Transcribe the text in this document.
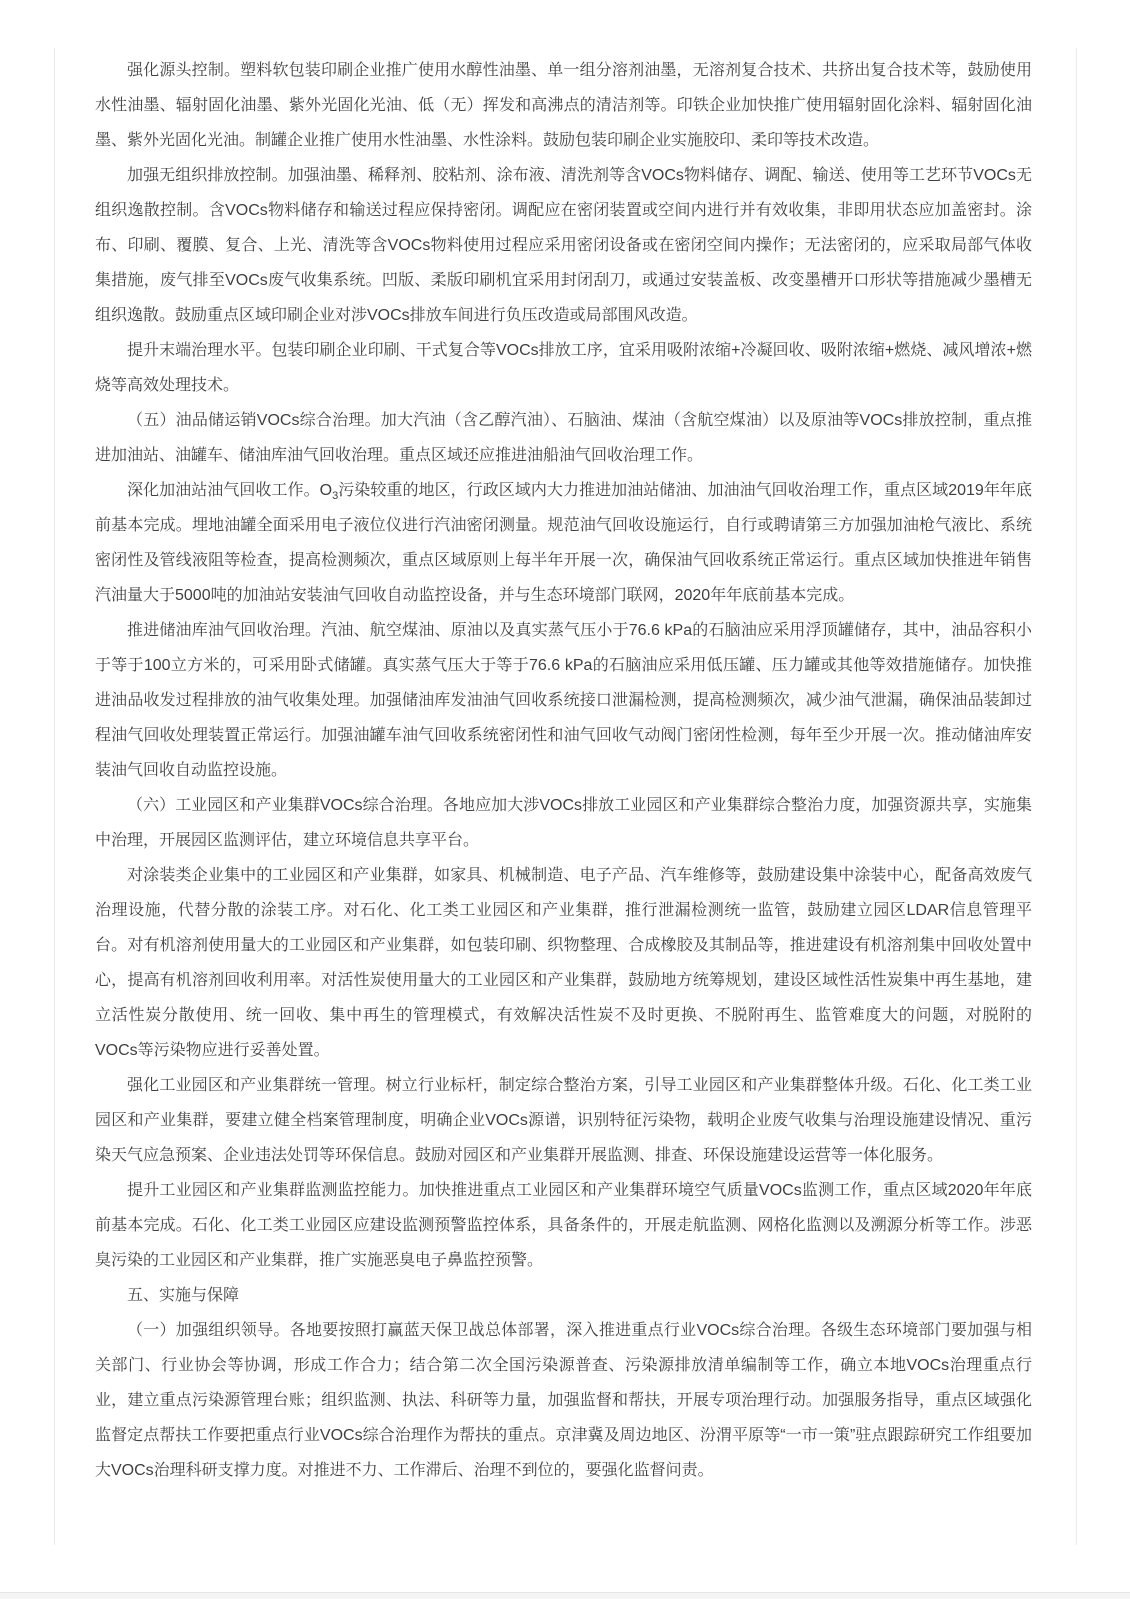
强化源头控制。塑料软包装印刷企业推广使用水醇性油墨、单一组分溶剂油墨，无溶剂复合技术、共挤出复合技术等，鼓励使用水性油墨、辐射固化油墨、紫外光固化光油、低（无）挥发和高沸点的清洁剂等。印铁企业加快推广使用辐射固化涂料、辐射固化油墨、紫外光固化光油。制罐企业推广使用水性油墨、水性涂料。鼓励包装印刷企业实施胶印、柔印等技术改造。

加强无组织排放控制。加强油墨、稀释剂、胶粘剂、涂布液、清洗剂等含VOCs物料储存、调配、输送、使用等工艺环节VOCs无组织逸散控制。含VOCs物料储存和输送过程应保持密闭。调配应在密闭装置或空间内进行并有效收集，非即用状态应加盖密封。涂布、印刷、覆膜、复合、上光、清洗等含VOCs物料使用过程应采用密闭设备或在密闭空间内操作；无法密闭的，应采取局部气体收集措施，废气排至VOCs废气收集系统。凹版、柔版印刷机宜采用封闭刮刀，或通过安装盖板、改变墨槽开口形状等措施减少墨槽无组织逸散。鼓励重点区域印刷企业对涉VOCs排放车间进行负压改造或局部围风改造。

提升末端治理水平。包装印刷企业印刷、干式复合等VOCs排放工序，宜采用吸附浓缩+冷凝回收、吸附浓缩+燃烧、减风增浓+燃烧等高效处理技术。

（五）油品储运销VOCs综合治理。加大汽油（含乙醇汽油）、石脑油、煤油（含航空煤油）以及原油等VOCs排放控制，重点推进加油站、油罐车、储油库油气回收治理。重点区域还应推进油船油气回收治理工作。

深化加油站油气回收工作。$O_3$污染较重的地区，行政区域内大力推进加油站储油、加油油气回收治理工作，重点区域2019年年底前基本完成。埋地油罐全面采用电子液位仪进行汽油密闭测量。规范油气回收设施运行，自行或聘请第三方加强加油枪气液比、系统密闭性及管线液阻等检查，提高检测频次，重点区域原则上每半年开展一次，确保油气回收系统正常运行。重点区域加快推进年销售汽油量大于5000吨的加油站安装油气回收自动监控设备，并与生态环境部门联网，2020年年底前基本完成。

推进储油库油气回收治理。汽油、航空煤油、原油以及真实蒸气压小于76.6 kPa的石脑油应采用浮顶罐储存，其中，油品容积小于等于100立方米的，可采用卧式储罐。真实蒸气压大于等于76.6 kPa的石脑油应采用低压罐、压力罐或其他等效措施储存。加快推进油品收发过程排放的油气收集处理。加强储油库发油油气回收系统接口泄漏检测，提高检测频次，减少油气泄漏，确保油品装卸过程油气回收处理装置正常运行。加强油罐车油气回收系统密闭性和油气回收气动阀门密闭性检测，每年至少开展一次。推动储油库安装油气回收自动监控设施。

（六）工业园区和产业集群VOCs综合治理。各地应加大涉VOCs排放工业园区和产业集群综合整治力度，加强资源共享，实施集中治理，开展园区监测评估，建立环境信息共享平台。

对涂装类企业集中的工业园区和产业集群，如家具、机械制造、电子产品、汽车维修等，鼓励建设集中涂装中心，配备高效废气治理设施，代替分散的涂装工序。对石化、化工类工业园区和产业集群，推行泄漏检测统一监管，鼓励建立园区LDAR信息管理平台。对有机溶剂使用量大的工业园区和产业集群，如包装印刷、织物整理、合成橡胶及其制品等，推进建设有机溶剂集中回收处置中心，提高有机溶剂回收利用率。对活性炭使用量大的工业园区和产业集群，鼓励地方统筹规划，建设区域性活性炭集中再生基地，建立活性炭分散使用、统一回收、集中再生的管理模式，有效解决活性炭不及时更换、不脱附再生、监管难度大的问题，对脱附的VOCs等污染物应进行妥善处置。

强化工业园区和产业集群统一管理。树立行业标杆，制定综合整治方案，引导工业园区和产业集群整体升级。石化、化工类工业园区和产业集群，要建立健全档案管理制度，明确企业VOCs源谱，识别特征污染物，载明企业废气收集与治理设施建设情况、重污染天气应急预案、企业违法处罚等环保信息。鼓励对园区和产业集群开展监测、排查、环保设施建设运营等一体化服务。

提升工业园区和产业集群监测监控能力。加快推进重点工业园区和产业集群环境空气质量VOCs监测工作，重点区域2020年年底前基本完成。石化、化工类工业园区应建设监测预警监控体系，具备条件的，开展走航监测、网格化监测以及溯源分析等工作。涉恶臭污染的工业园区和产业集群，推广实施恶臭电子鼻监控预警。

五、实施与保障

（一）加强组织领导。各地要按照打赢蓝天保卫战总体部署，深入推进重点行业VOCs综合治理。各级生态环境部门要加强与相关部门、行业协会等协调，形成工作合力；结合第二次全国污染源普查、污染源排放清单编制等工作，确立本地VOCs治理重点行业，建立重点污染源管理台账；组织监测、执法、科研等力量，加强监督和帮扶，开展专项治理行动。加强服务指导，重点区域强化监督定点帮扶工作要把重点行业VOCs综合治理作为帮扶的重点。京津冀及周边地区、汾渭平原等“一市一策”驻点跟踪研究工作组要加大VOCs治理科研支撑力度。对推进不力、工作滞后、治理不到位的，要强化监督问责。
